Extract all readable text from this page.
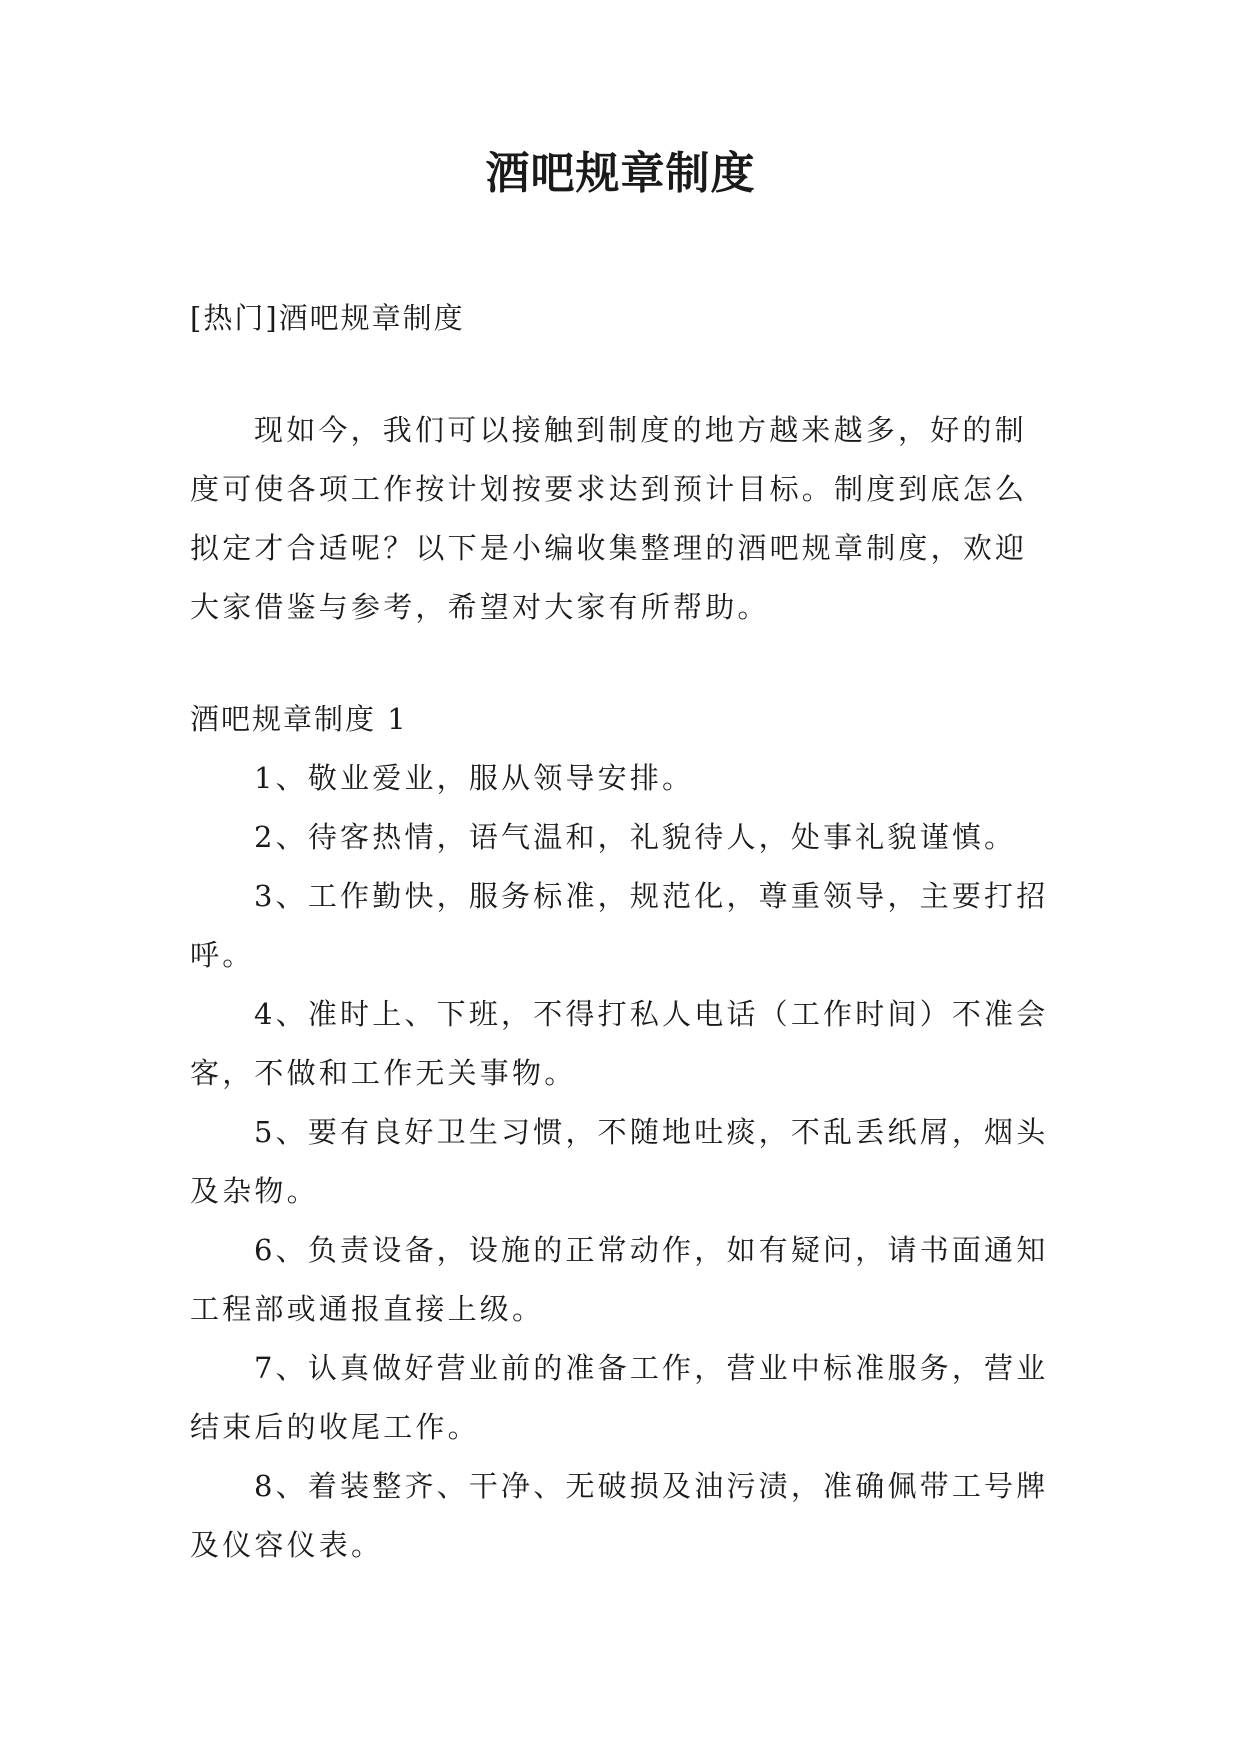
酒吧规章制度

[热门]酒吧规章制度

现如今，我们可以接触到制度的地方越来越多，好的制度可使各项工作按计划按要求达到预计目标。制度到底怎么拟定才合适呢？以下是小编收集整理的酒吧规章制度，欢迎大家借鉴与参考，希望对大家有所帮助。

酒吧规章制度 1

1、敬业爱业，服从领导安排。

2、待客热情，语气温和，礼貌待人，处事礼貌谨慎。

3、工作勤快，服务标准，规范化，尊重领导，主要打招呼。

4、准时上、下班，不得打私人电话（工作时间）不准会客，不做和工作无关事物。

5、要有良好卫生习惯，不随地吐痰，不乱丢纸屑，烟头及杂物。

6、负责设备，设施的正常动作，如有疑问，请书面通知工程部或通报直接上级。

7、认真做好营业前的准备工作，营业中标准服务，营业结束后的收尾工作。

8、着装整齐、干净、无破损及油污渍，准确佩带工号牌及仪容仪表。
